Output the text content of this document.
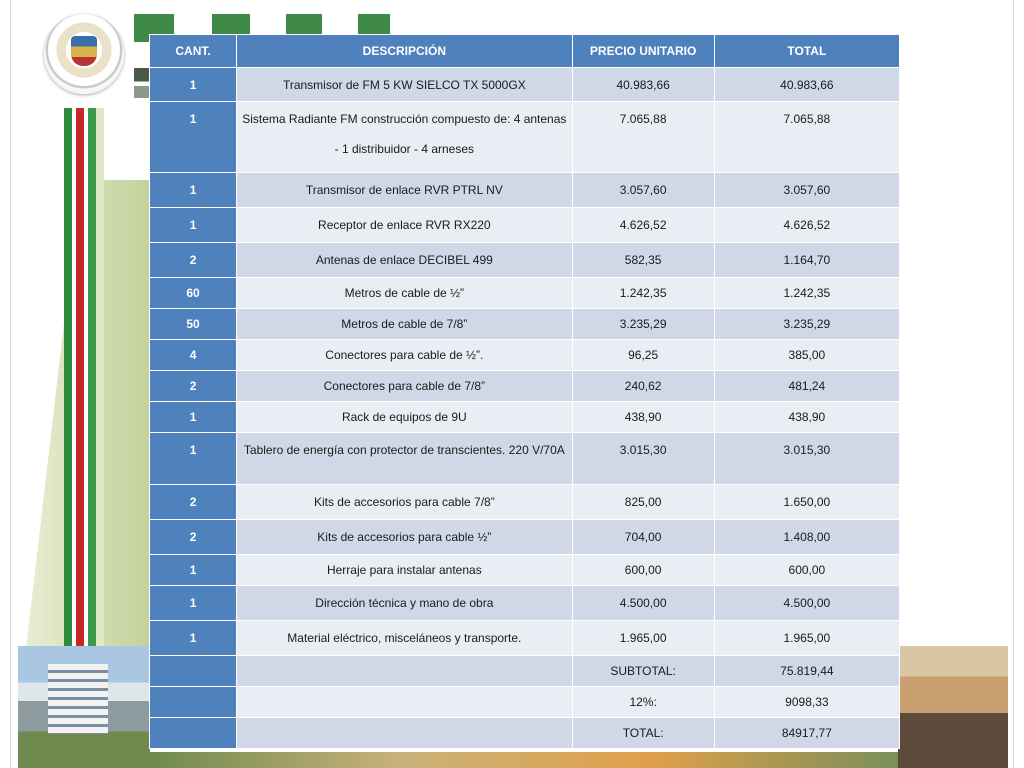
CANT.	DESCRIPCIÓN	PRECIO UNITARIO	TOTAL
1	Transmisor de FM 5 KW SIELCO TX 5000GX	40.983,66	40.983,66
1	Sistema Radiante FM construcción compuesto de: 4 antenas - 1 distribuidor - 4 arneses	7.065,88	7.065,88
1	Transmisor de enlace RVR PTRL NV	3.057,60	3.057,60
1	Receptor de enlace RVR RX220	4.626,52	4.626,52
2	Antenas de enlace DECIBEL 499	582,35	1.164,70
60	Metros de cable de ½”	1.242,35	1.242,35
50	Metros de cable de 7/8”	3.235,29	3.235,29
4	Conectores para cable de ½”.	96,25	385,00
2	Conectores para cable de 7/8”	240,62	481,24
1	Rack de equipos de 9U	438,90	438,90
1	Tablero de energía con protector de transcientes. 220 V/70A	3.015,30	3.015,30
2	Kits de accesorios para cable 7/8”	825,00	1.650,00
2	Kits de accesorios para cable ½”	704,00	1.408,00
1	Herraje para instalar antenas	600,00	600,00
1	Dirección técnica y mano de obra	4.500,00	4.500,00
1	Material eléctrico, misceláneos y transporte.	1.965,00	1.965,00
		SUBTOTAL:	75.819,44
		12%:	9098,33
		TOTAL:	84917,77
